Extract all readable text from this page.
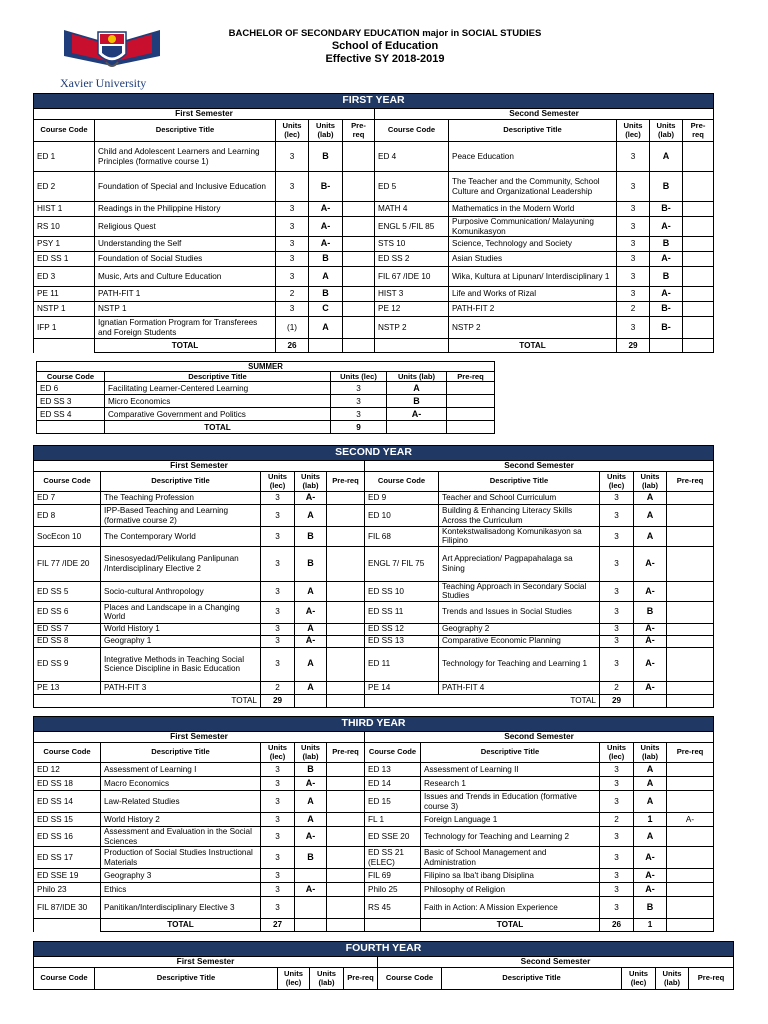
Xavier University
BACHELOR OF SECONDARY EDUCATION major in SOCIAL STUDIES
School of Education
Effective SY 2018-2019
FIRST YEAR									
First Semester					Second Semester				
Course Code	Descriptive Title	Units (lec)	Units (lab)	Pre-req	Course Code	Descriptive Title	Units (lec)	Units (lab)	Pre-req
ED 1	Child and Adolescent Learners and Learning Principles (formative course 1)	3	B		ED 4	Peace Education	3	A	
ED 2	Foundation of Special and Inclusive Education	3	B-		ED 5	The Teacher and the Community, School Culture and Organizational Leadership	3	B	
HIST 1	Readings in the Philippine History	3	A-		MATH 4	Mathematics in the Modern World	3	B-	
RS 10	Religious Quest	3	A-		ENGL 5 /FIL 85	Purposive Communication/ Malayuning Komunikasyon	3	A-	
PSY 1	Understanding the Self	3	A-		STS 10	Science, Technology and Society	3	B	
ED SS 1	Foundation of Social Studies	3	B		ED SS 2	Asian Studies	3	A-	
ED 3	Music, Arts and Culture Education	3	A		FIL 67 /IDE 10	Wika, Kultura at Lipunan/ Interdisciplinary 1	3	B	
PE 11	PATH-FIT 1	2	B		HIST 3	Life and Works of Rizal	3	A-	
NSTP 1	NSTP 1	3	C		PE 12	PATH-FIT 2	2	B-	
IFP 1	Ignatian Formation Program for Transferees and Foreign Students	(1)	A		NSTP 2	NSTP 2	3	B-	
	TOTAL	26				TOTAL	29		
SUMMER				
Course Code	Descriptive Title	Units (lec)	Units (lab)	Pre-req
ED 6	Facilitating Learner-Centered Learning	3	A	
ED SS 3	Micro Economics	3	B	
ED SS 4	Comparative Government and Politics	3	A-	
	TOTAL	9		
SECOND YEAR									
First Semester					Second Semester				
Course Code	Descriptive Title	Units (lec)	Units (lab)	Pre-req	Course Code	Descriptive Title	Units (lec)	Units (lab)	Pre-req
ED 7	The Teaching Profession	3	A-		ED 9	Teacher and School Curriculum	3	A	
ED 8	IPP-Based Teaching and Learning (formative course 2)	3	A		ED 10	Building & Enhancing Literacy Skills Across the Curriculum	3	A	
SocEcon 10	The Contemporary World	3	B		FIL 68	Kontekstwalisadong Komunikasyon sa Filipino	3	A	
FIL 77 /IDE 20	Sinesosyedad/Pelikulang Panlipunan /Interdisciplinary Elective 2	3	B		ENGL 7/ FIL 75	Art Appreciation/ Pagpapahalaga sa Sining	3	A-	
ED SS 5	Socio-cultural Anthropology	3	A		ED SS 10	Teaching Approach in Secondary Social Studies	3	A-	
ED SS 6	Places and Landscape in a Changing World	3	A-		ED SS 11	Trends and Issues in Social Studies	3	B	
ED SS 7	World History 1	3	A		ED SS 12	Geography 2	3	A-	
ED SS 8	Geography 1	3	A-		ED SS 13	Comparative Economic Planning	3	A-	
ED SS 9	Integrative Methods in Teaching Social Science Discipline in Basic Education	3	A		ED 11	Technology for Teaching and Learning 1	3	A-	
PE 13	PATH-FIT 3	2	A		PE 14	PATH-FIT 4	2	A-	
TOTAL		29			TOTAL		29		
THIRD YEAR									
First Semester					Second Semester				
Course Code	Descriptive Title	Units (lec)	Units (lab)	Pre-req	Course Code	Descriptive Title	Units (lec)	Units (lab)	Pre-req
ED 12	Assessment of Learning I	3	B		ED 13	Assessment of Learning II	3	A	
ED SS 18	Macro Economics	3	A-		ED 14	Research 1	3	A	
ED SS 14	Law-Related Studies	3	A		ED 15	Issues and Trends in Education (formative course 3)	3	A	
ED SS 15	World History 2	3	A		FL 1	Foreign Language 1	2	1	A-
ED SS 16	Assessment and Evaluation in the Social Sciences	3	A-		ED SSE 20	Technology for Teaching and Learning 2	3	A	
ED SS 17	Production of Social Studies Instructional Materials	3	B		ED SS 21 (ELEC)	Basic of School Management and Administration	3	A-	
ED SSE 19	Geography 3	3			FIL 69	Filipino sa Iba't ibang Disiplina	3	A-	
Philo 23	Ethics	3	A-		Philo 25	Philosophy of Religion	3	A-	
FIL 87/IDE 30	Panitikan/Interdisciplinary Elective 3	3			RS 45	Faith in Action: A Mission Experience	3	B	
	TOTAL	27				TOTAL	26	1	
FOURTH YEAR									
First Semester					Second Semester				
Course Code	Descriptive Title	Units (lec)	Units (lab)	Pre-req	Course Code	Descriptive Title	Units (lec)	Units (lab)	Pre-req
